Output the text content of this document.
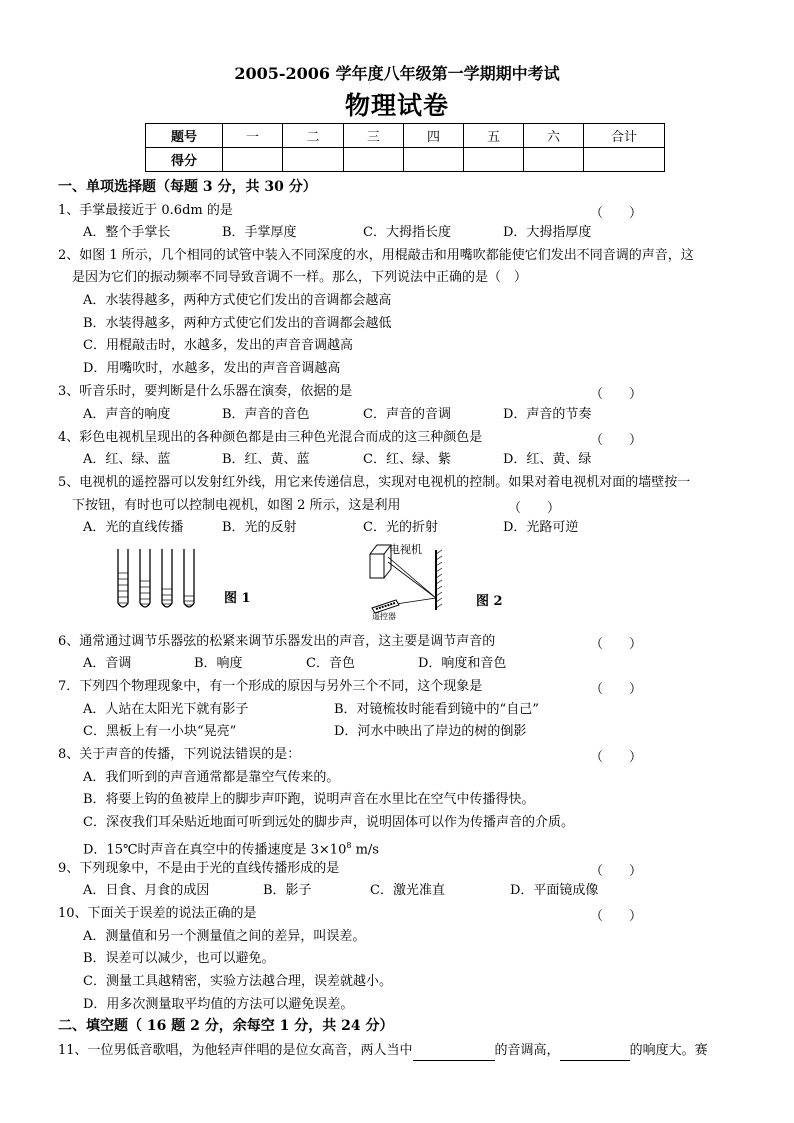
2005-2006 学年度八年级第一学期期中考试
物理试卷
题号	一	二	三	四	五	六	合计
得分							
一、单项选择题（每题 3 分，共 30 分）
1、手掌最接近于 0.6dm 的是	（　　）
A．整个手掌长	B．手掌厚度	C．大拇指长度	D．大拇指厚度
2、如图 1 所示，几个相同的试管中装入不同深度的水，用棍敲击和用嘴吹都能使它们发出不同音调的声音，这
是因为它们的振动频率不同导致音调不一样。那么，下列说法中正确的是（　）
A．水装得越多，两种方式使它们发出的音调都会越高
B．水装得越多，两种方式使它们发出的音调都会越低
C．用棍敲击时，水越多，发出的声音音调越高
D．用嘴吹时，水越多，发出的声音音调越高
3、听音乐时，要判断是什么乐器在演奏，依据的是	（　　）
A．声音的响度	B．声音的音色	C．声音的音调	D．声音的节奏
4、彩色电视机呈现出的各种颜色都是由三种色光混合而成的这三种颜色是	（　　）
A．红、绿、蓝	B．红、黄、蓝	C．红、绿、紫	D．红、黄、绿
5、电视机的遥控器可以发射红外线，用它来传递信息，实现对电视机的控制。如果对着电视机对面的墙壁按一
下按钮，有时也可以控制电视机，如图 2 所示，这是利用	（　　）
A．光的直线传播	B．光的反射	C．光的折射	D．光路可逆
图 1
电视机
遥控器
图 2
6、通常通过调节乐器弦的松紧来调节乐器发出的声音，这主要是调节声音的	（　　）
A．音调	B．响度	C．音色	D．响度和音色
7．下列四个物理现象中，有一个形成的原因与另外三个不同，这个现象是	（　　）
A．人站在太阳光下就有影子	B．对镜梳妆时能看到镜中的“自己”
C．黑板上有一小块“晃亮”	D．河水中映出了岸边的树的倒影
8、关于声音的传播，下列说法错误的是：	（　　）
A．我们听到的声音通常都是靠空气传来的。
B．将要上钩的鱼被岸上的脚步声吓跑，说明声音在水里比在空气中传播得快。
C．深夜我们耳朵贴近地面可听到远处的脚步声，说明固体可以作为传播声音的介质。
D．15℃时声音在真空中的传播速度是 $3\times 10^8$ m/s
9、下列现象中，不是由于光的直线传播形成的是	（　　）
A．日食、月食的成因	B．影子	C．激光准直	D．平面镜成像
10、下面关于误差的说法正确的是	（　　）
A．测量值和另一个测量值之间的差异，叫误差。
B．误差可以减少，也可以避免。
C．测量工具越精密，实验方法越合理，误差就越小。
D．用多次测量取平均值的方法可以避免误差。
二、填空题（ 16 题 2 分，余每空 1 分，共 24 分）
11、一位男低音歌唱，为他轻声伴唱的是位女高音，两人当中	的音调高，	的响度大。赛
